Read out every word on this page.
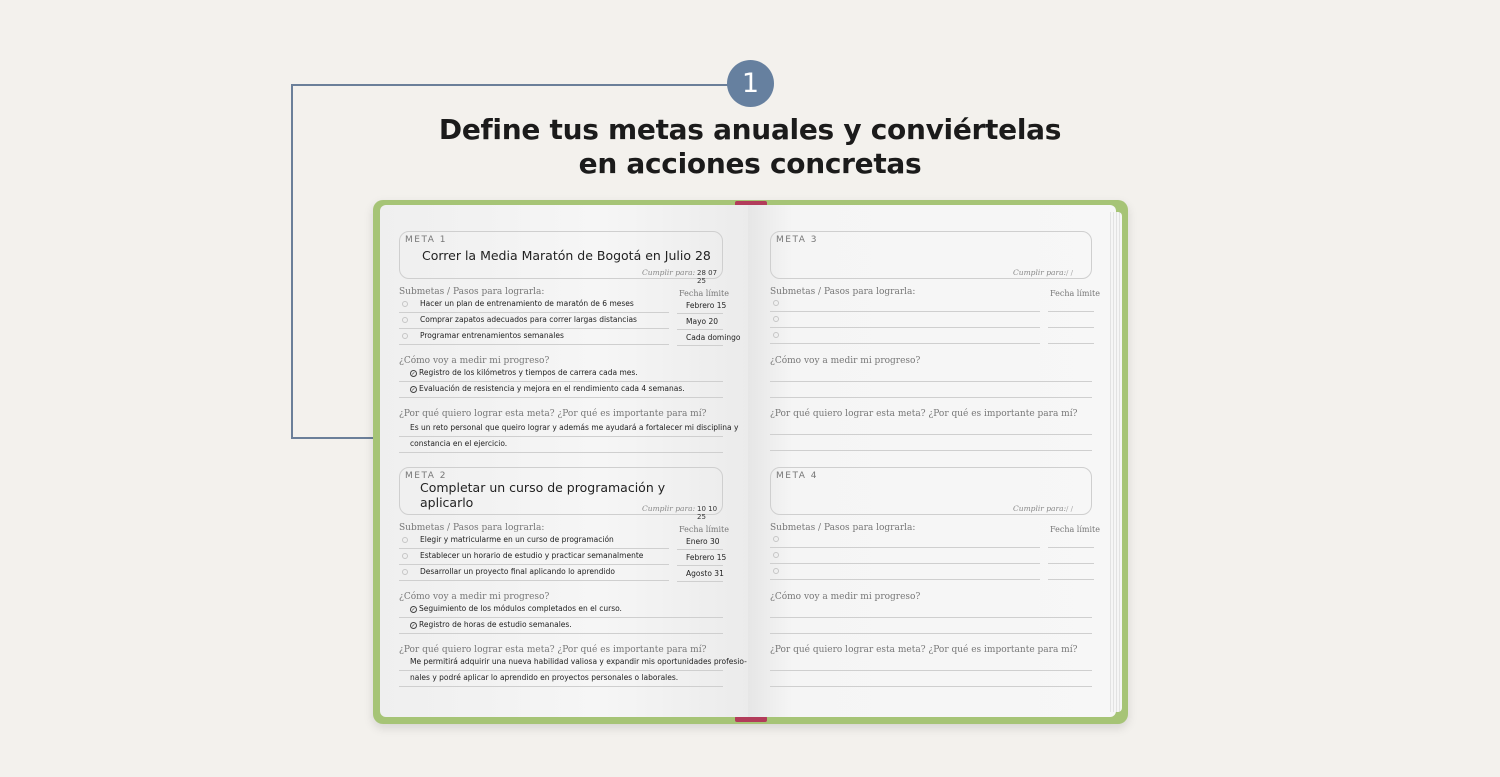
1
Define tus metas anuales y conviértelas
en acciones concretas
META 1
Correr la Media Maratón de Bogotá en Julio 28
Cumplir para: 28 07 25
Submetas / Pasos para lograrla:	Fecha límite
Hacer un plan de entrenamiento de maratón de 6 meses	Febrero 15
Comprar zapatos adecuados para correr largas distancias	Mayo 20
Programar entrenamientos semanales	Cada domingo
¿Cómo voy a medir mi progreso?
✓ Registro de los kilómetros y tiempos de carrera cada mes.
✓ Evaluación de resistencia y mejora en el rendimiento cada 4 semanas.
¿Por qué quiero lograr esta meta? ¿Por qué es importante para mí?
Es un reto personal que queiro lograr y además me ayudará a fortalecer mi disciplina y
constancia en el ejercicio.
META 2
Completar un curso de programación y aplicarlo	Cumplir para: 10 10 25
Submetas / Pasos para lograrla:	Fecha límite
Elegir y matricularme en un curso de programación	Enero 30
Establecer un horario de estudio y practicar semanalmente	Febrero 15
Desarrollar un proyecto final aplicando lo aprendido	Agosto 31
¿Cómo voy a medir mi progreso?
✓ Seguimiento de los módulos completados en el curso.
✓ Registro de horas de estudio semanales.
¿Por qué quiero lograr esta meta? ¿Por qué es importante para mí?
Me permitirá adquirir una nueva habilidad valiosa y expandir mis oportunidades profesio-
nales y podré aplicar lo aprendido en proyectos personales o laborales.
META 3
Cumplir para: / /
Submetas / Pasos para lograrla:	Fecha límite
¿Cómo voy a medir mi progreso?
¿Por qué quiero lograr esta meta? ¿Por qué es importante para mí?
META 4
Cumplir para: / /
Submetas / Pasos para lograrla:	Fecha límite
¿Cómo voy a medir mi progreso?
¿Por qué quiero lograr esta meta? ¿Por qué es importante para mí?
